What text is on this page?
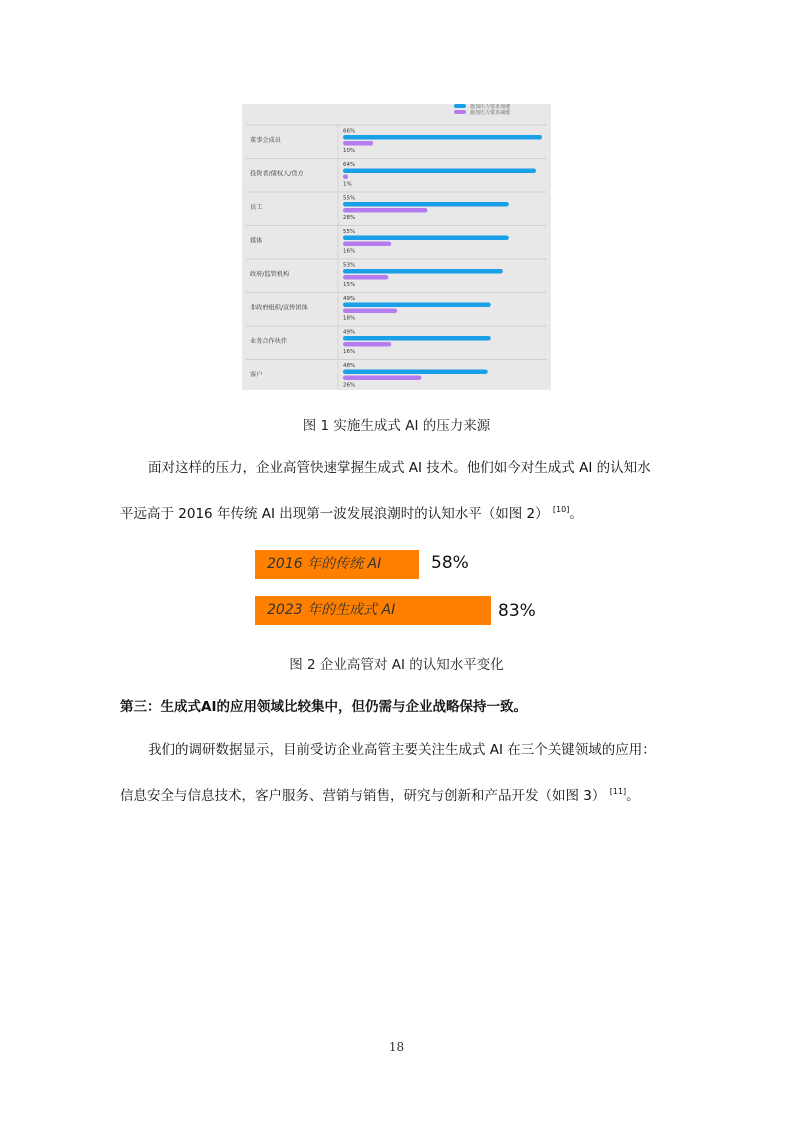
施加压力要求加速
施加压力要求减缓
董事会成员
66%
10%
投资者/债权人/贷方
64%
1%
员工
55%
28%
媒体
55%
16%
政府/监管机构
53%
15%
非政府组织/宣传团体
49%
18%
业务合作伙伴
49%
16%
客户
48%
26%
图 1 实施生成式 AI 的压力来源

面对这样的压力，企业高管快速掌握生成式 AI 技术。他们如今对生成式 AI 的认知水

平远高于 2016 年传统 AI 出现第一波发展浪潮时的认知水平（如图 2） [10]。

2016 年的传统 AI	58%
2023 年的生成式 AI	83%
图 2 企业高管对 AI 的认知水平变化
第三：生成式AI的应用领域比较集中，但仍需与企业战略保持一致。

我们的调研数据显示，目前受访企业高管主要关注生成式 AI 在三个关键领域的应用：

信息安全与信息技术，客户服务、营销与销售，研究与创新和产品开发（如图 3） [11]。

18
